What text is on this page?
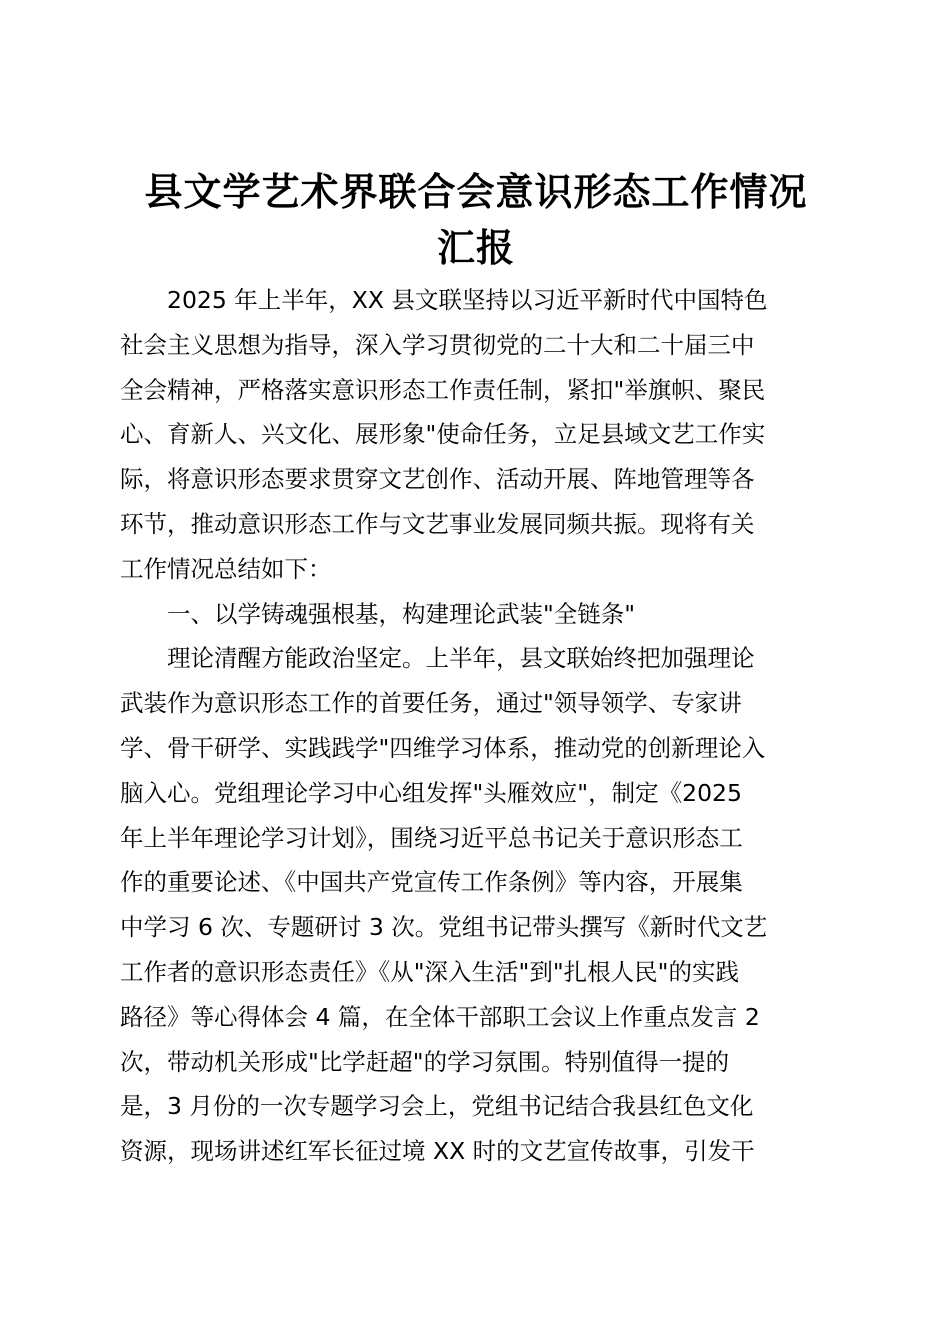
县文学艺术界联合会意识形态工作情况
汇报

2025 年上半年，XX 县文联坚持以习近平新时代中国特色
社会主义思想为指导，深入学习贯彻党的二十大和二十届三中
全会精神，严格落实意识形态工作责任制，紧扣"举旗帜、聚民
心、育新人、兴文化、展形象"使命任务，立足县域文艺工作实
际，将意识形态要求贯穿文艺创作、活动开展、阵地管理等各
环节，推动意识形态工作与文艺事业发展同频共振。现将有关
工作情况总结如下：

一、以学铸魂强根基，构建理论武装"全链条"

理论清醒方能政治坚定。上半年，县文联始终把加强理论
武装作为意识形态工作的首要任务，通过"领导领学、专家讲
学、骨干研学、实践践学"四维学习体系，推动党的创新理论入
脑入心。党组理论学习中心组发挥"头雁效应"，制定《2025
年上半年理论学习计划》，围绕习近平总书记关于意识形态工
作的重要论述、《中国共产党宣传工作条例》等内容，开展集
中学习 6 次、专题研讨 3 次。党组书记带头撰写《新时代文艺
工作者的意识形态责任》《从"深入生活"到"扎根人民"的实践
路径》等心得体会 4 篇，在全体干部职工会议上作重点发言 2
次，带动机关形成"比学赶超"的学习氛围。特别值得一提的
是，3 月份的一次专题学习会上，党组书记结合我县红色文化
资源，现场讲述红军长征过境 XX 时的文艺宣传故事，引发干
